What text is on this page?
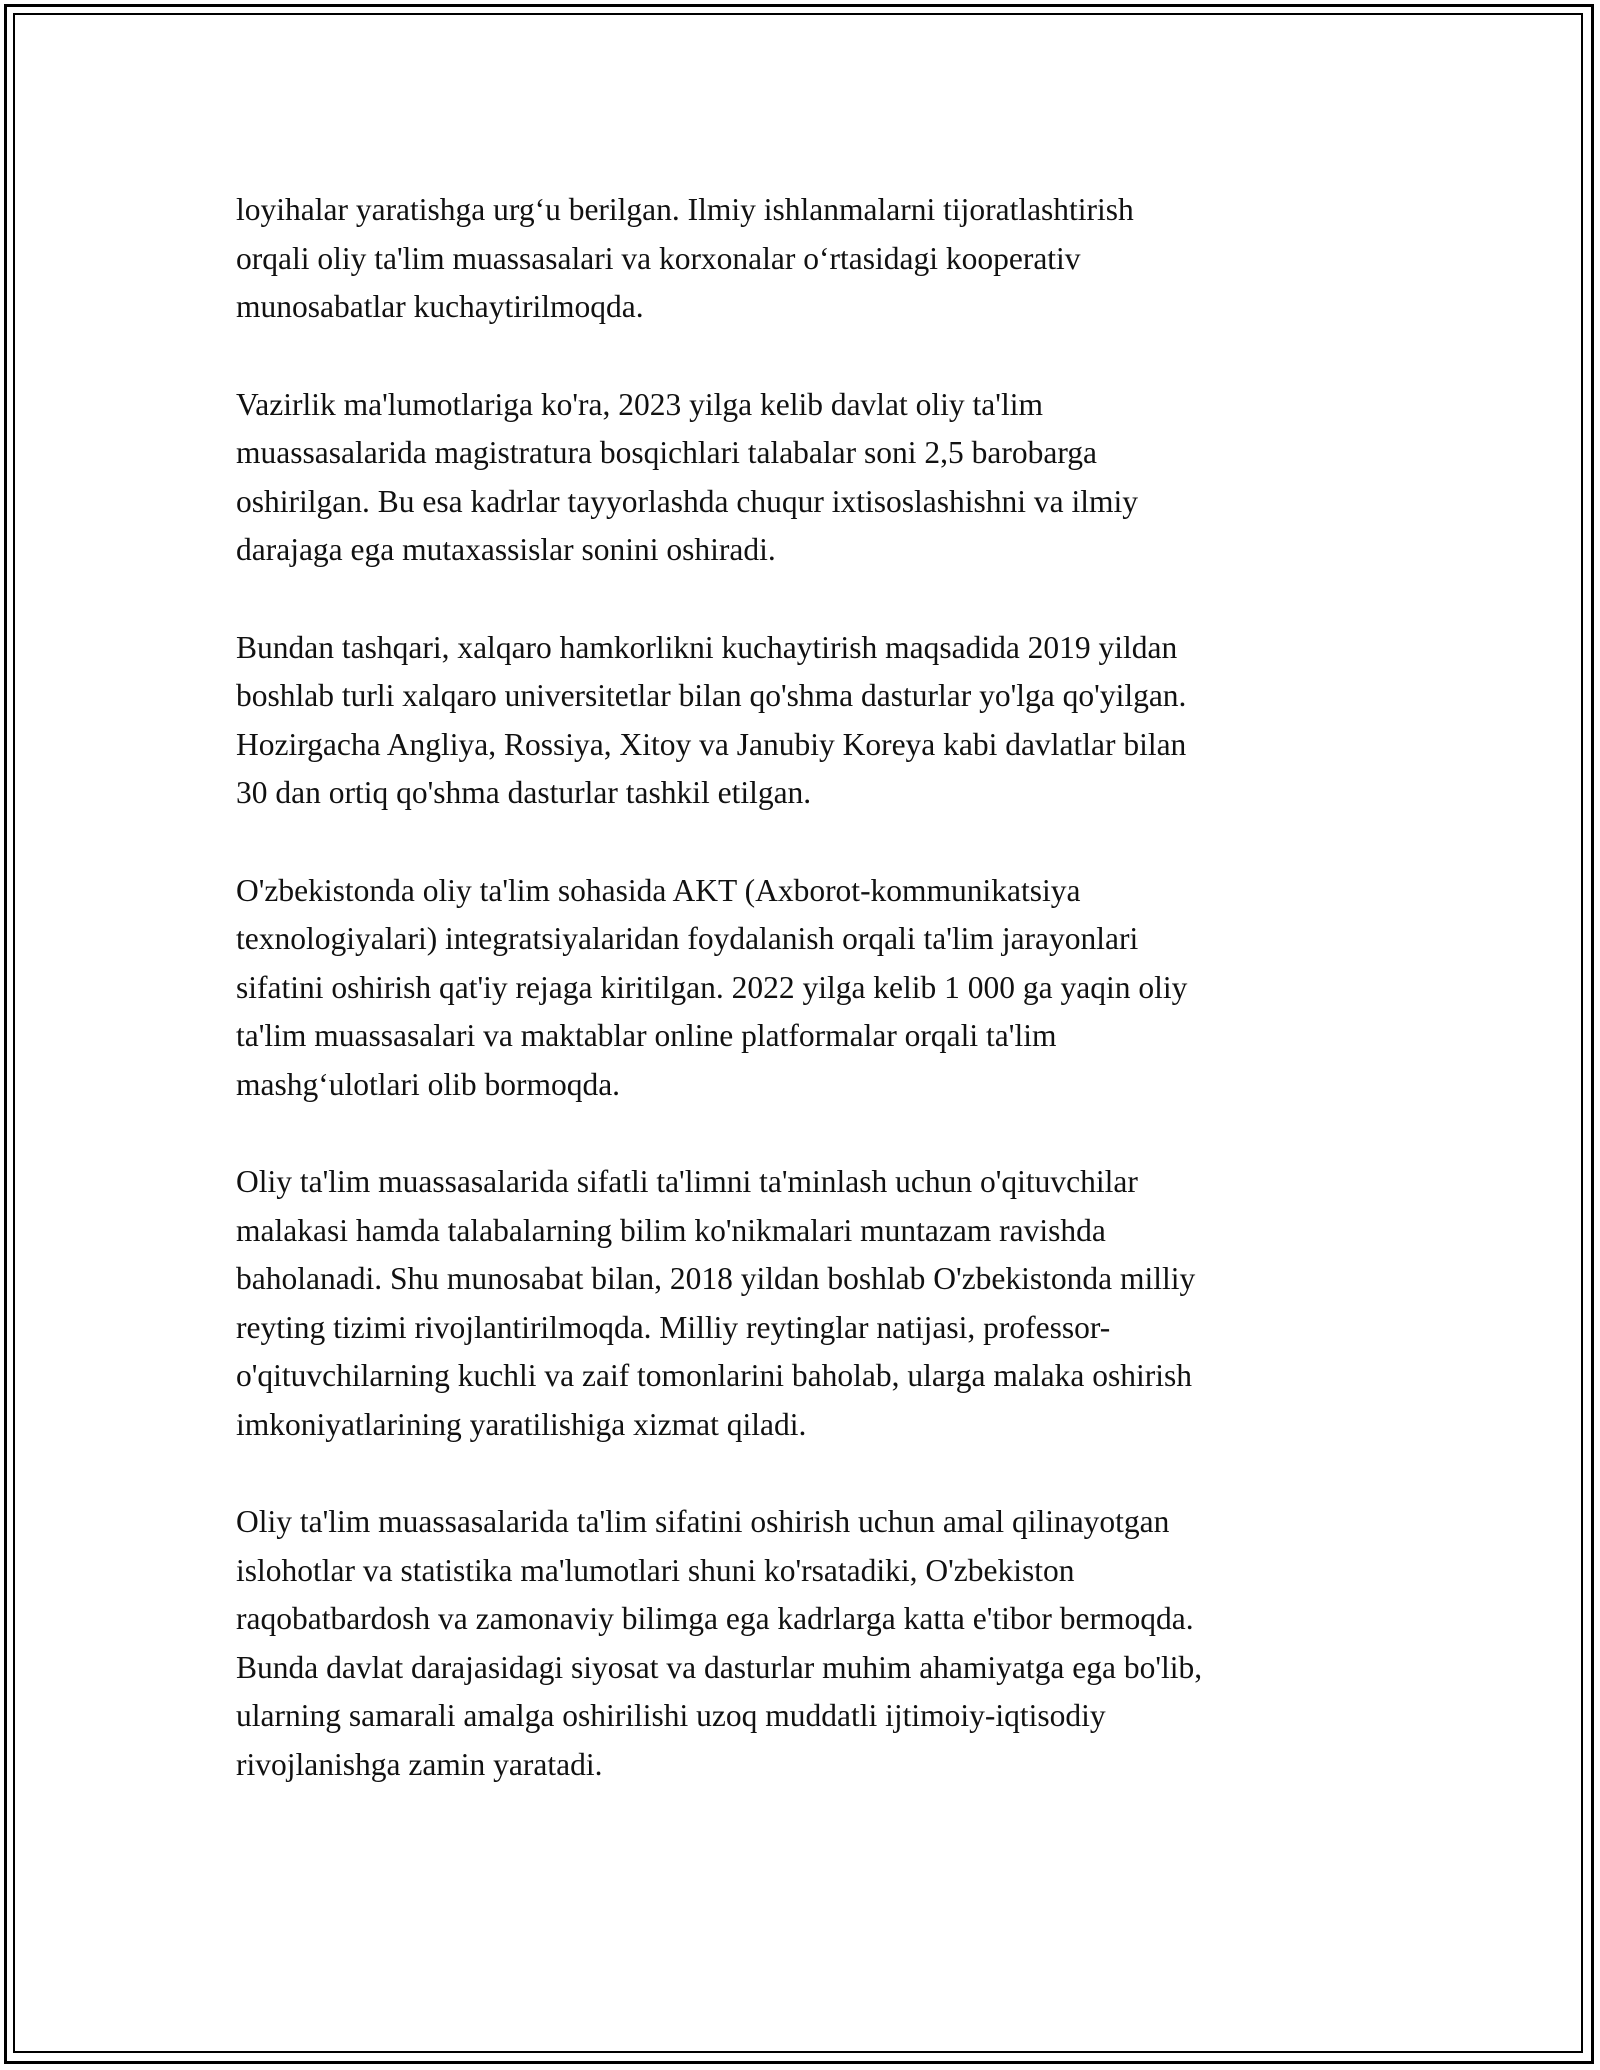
loyihalar yaratishga urg‘u berilgan. Ilmiy ishlanmalarni tijoratlashtirish
orqali oliy ta'lim muassasalari va korxonalar o‘rtasidagi kooperativ
munosabatlar kuchaytirilmoqda.

Vazirlik ma'lumotlariga ko'ra, 2023 yilga kelib davlat oliy ta'lim
muassasalarida magistratura bosqichlari talabalar soni 2,5 barobarga
oshirilgan. Bu esa kadrlar tayyorlashda chuqur ixtisoslashishni va ilmiy
darajaga ega mutaxassislar sonini oshiradi.

Bundan tashqari, xalqaro hamkorlikni kuchaytirish maqsadida 2019 yildan
boshlab turli xalqaro universitetlar bilan qo'shma dasturlar yo'lga qo'yilgan.
Hozirgacha Angliya, Rossiya, Xitoy va Janubiy Koreya kabi davlatlar bilan
30 dan ortiq qo'shma dasturlar tashkil etilgan.

O'zbekistonda oliy ta'lim sohasida AKT (Axborot-kommunikatsiya
texnologiyalari) integratsiyalaridan foydalanish orqali ta'lim jarayonlari
sifatini oshirish qat'iy rejaga kiritilgan. 2022 yilga kelib 1 000 ga yaqin oliy
ta'lim muassasalari va maktablar online platformalar orqali ta'lim
mashg‘ulotlari olib bormoqda.

Oliy ta'lim muassasalarida sifatli ta'limni ta'minlash uchun o'qituvchilar
malakasi hamda talabalarning bilim ko'nikmalari muntazam ravishda
baholanadi. Shu munosabat bilan, 2018 yildan boshlab O'zbekistonda milliy
reyting tizimi rivojlantirilmoqda. Milliy reytinglar natijasi, professor-
o'qituvchilarning kuchli va zaif tomonlarini baholab, ularga malaka oshirish
imkoniyatlarining yaratilishiga xizmat qiladi.

Oliy ta'lim muassasalarida ta'lim sifatini oshirish uchun amal qilinayotgan
islohotlar va statistika ma'lumotlari shuni ko'rsatadiki, O'zbekiston
raqobatbardosh va zamonaviy bilimga ega kadrlarga katta e'tibor bermoqda.
Bunda davlat darajasidagi siyosat va dasturlar muhim ahamiyatga ega bo'lib,
ularning samarali amalga oshirilishi uzoq muddatli ijtimoiy-iqtisodiy
rivojlanishga zamin yaratadi.
